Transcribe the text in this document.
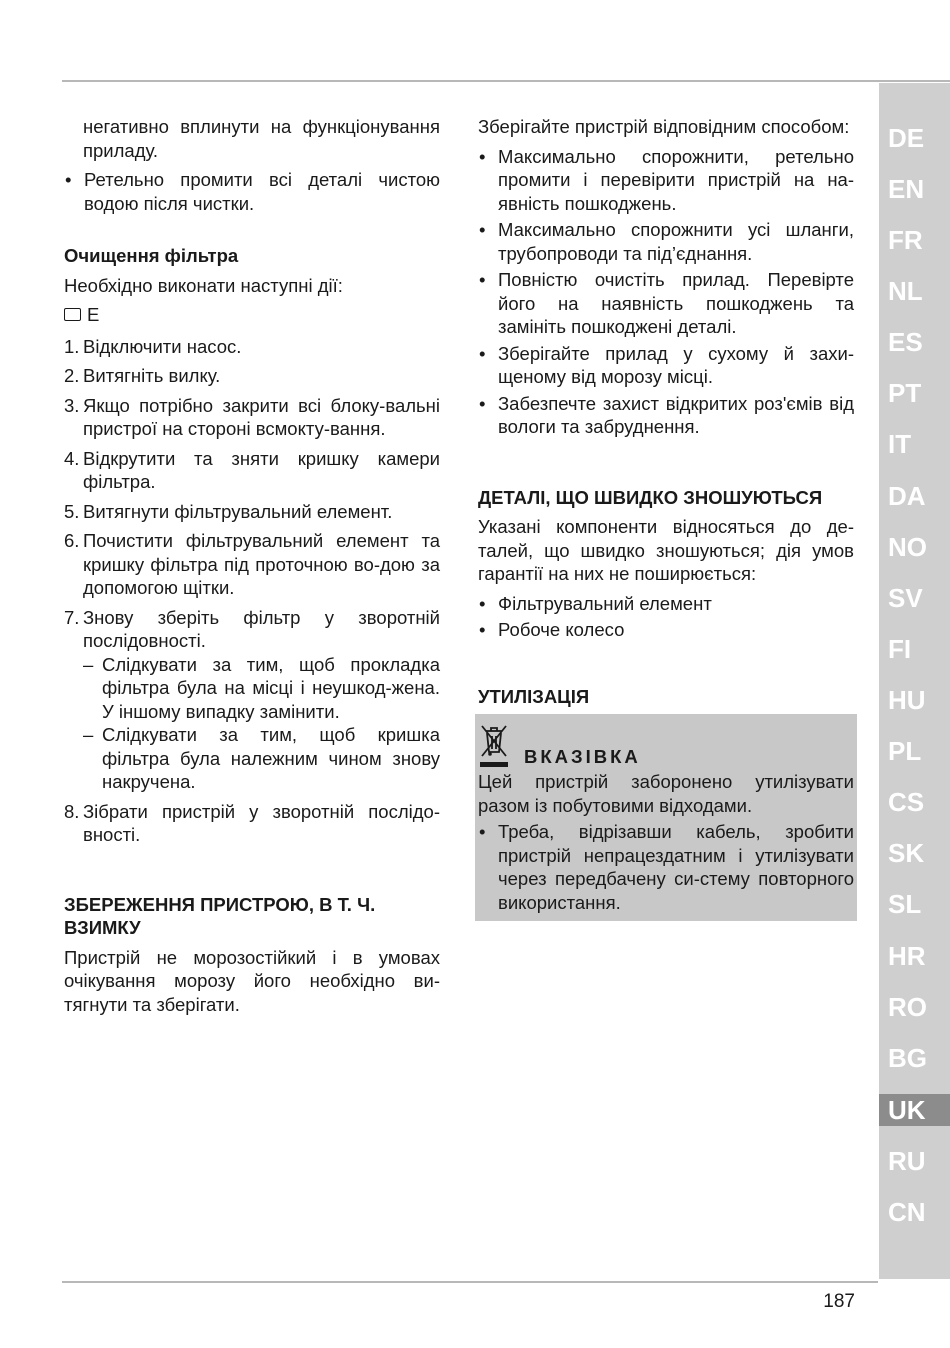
негативно вплинути на функціонування приладу.

• Ретельно промити всі деталі чистою водою після чистки.
Очищення фільтра

Необхідно виконати наступні дії:

E
1. Відключити насос.
2. Витягніть вилку.
3. Якщо потрібно закрити всі блоку-вальні пристрої на стороні всмокту-вання.
4. Відкрутити та зняти кришку камери фільтра.
5. Витягнути фільтрувальний елемент.
6. Почистити фільтрувальний елемент та кришку фільтра під проточною во-дою за допомогою щітки.
7. Знову зберіть фільтр у зворотній послідовності.
– Слідкувати за тим, щоб прокладка фільтра була на місці і неушкод-жена. У іншому випадку замінити.
– Слідкувати за тим, щоб кришка фільтра була належним чином знову накручена.
8. Зібрати пристрій у зворотній послідо-вності.
ЗБЕРЕЖЕННЯ ПРИСТРОЮ, В Т. Ч. ВЗИМКУ

Пристрій не морозостійкий і в умовах очікування морозу його необхідно ви-тягнути та зберігати.

Зберігайте пристрій відповідним способом:

• Максимально спорожнити, ретельно промити і перевірити пристрій на на-явність пошкоджень.
• Максимально спорожнити усі шланги, трубопроводи та під’єднання.
• Повністю очистіть прилад. Перевірте його на наявність пошкоджень та замініть пошкоджені деталі.
• Зберігайте прилад у сухому й захи-щеному від морозу місці.
• Забезпечте захист відкритих роз'ємів від вологи та забруднення.
ДЕТАЛІ, ЩО ШВИДКО ЗНОШУЮТЬСЯ

Указані компоненти відносяться до де-талей, що швидко зношуються; дія умов гарантії на них не поширюється:

• Фільтрувальний елемент
• Робоче колесо
УТИЛІЗАЦІЯ
ВКАЗІВКА

Цей пристрій заборонено утилізувати разом із побутовими відходами.

• Треба, відрізавши кабель, зробити пристрій непрацездатним і утилізувати через передбачену си-стему повторного використання.
DE
EN
FR
NL
ES
PT
IT
DA
NO
SV
FI
HU
PL
CS
SK
SL
HR
RO
BG
UK
RU
CN
187
